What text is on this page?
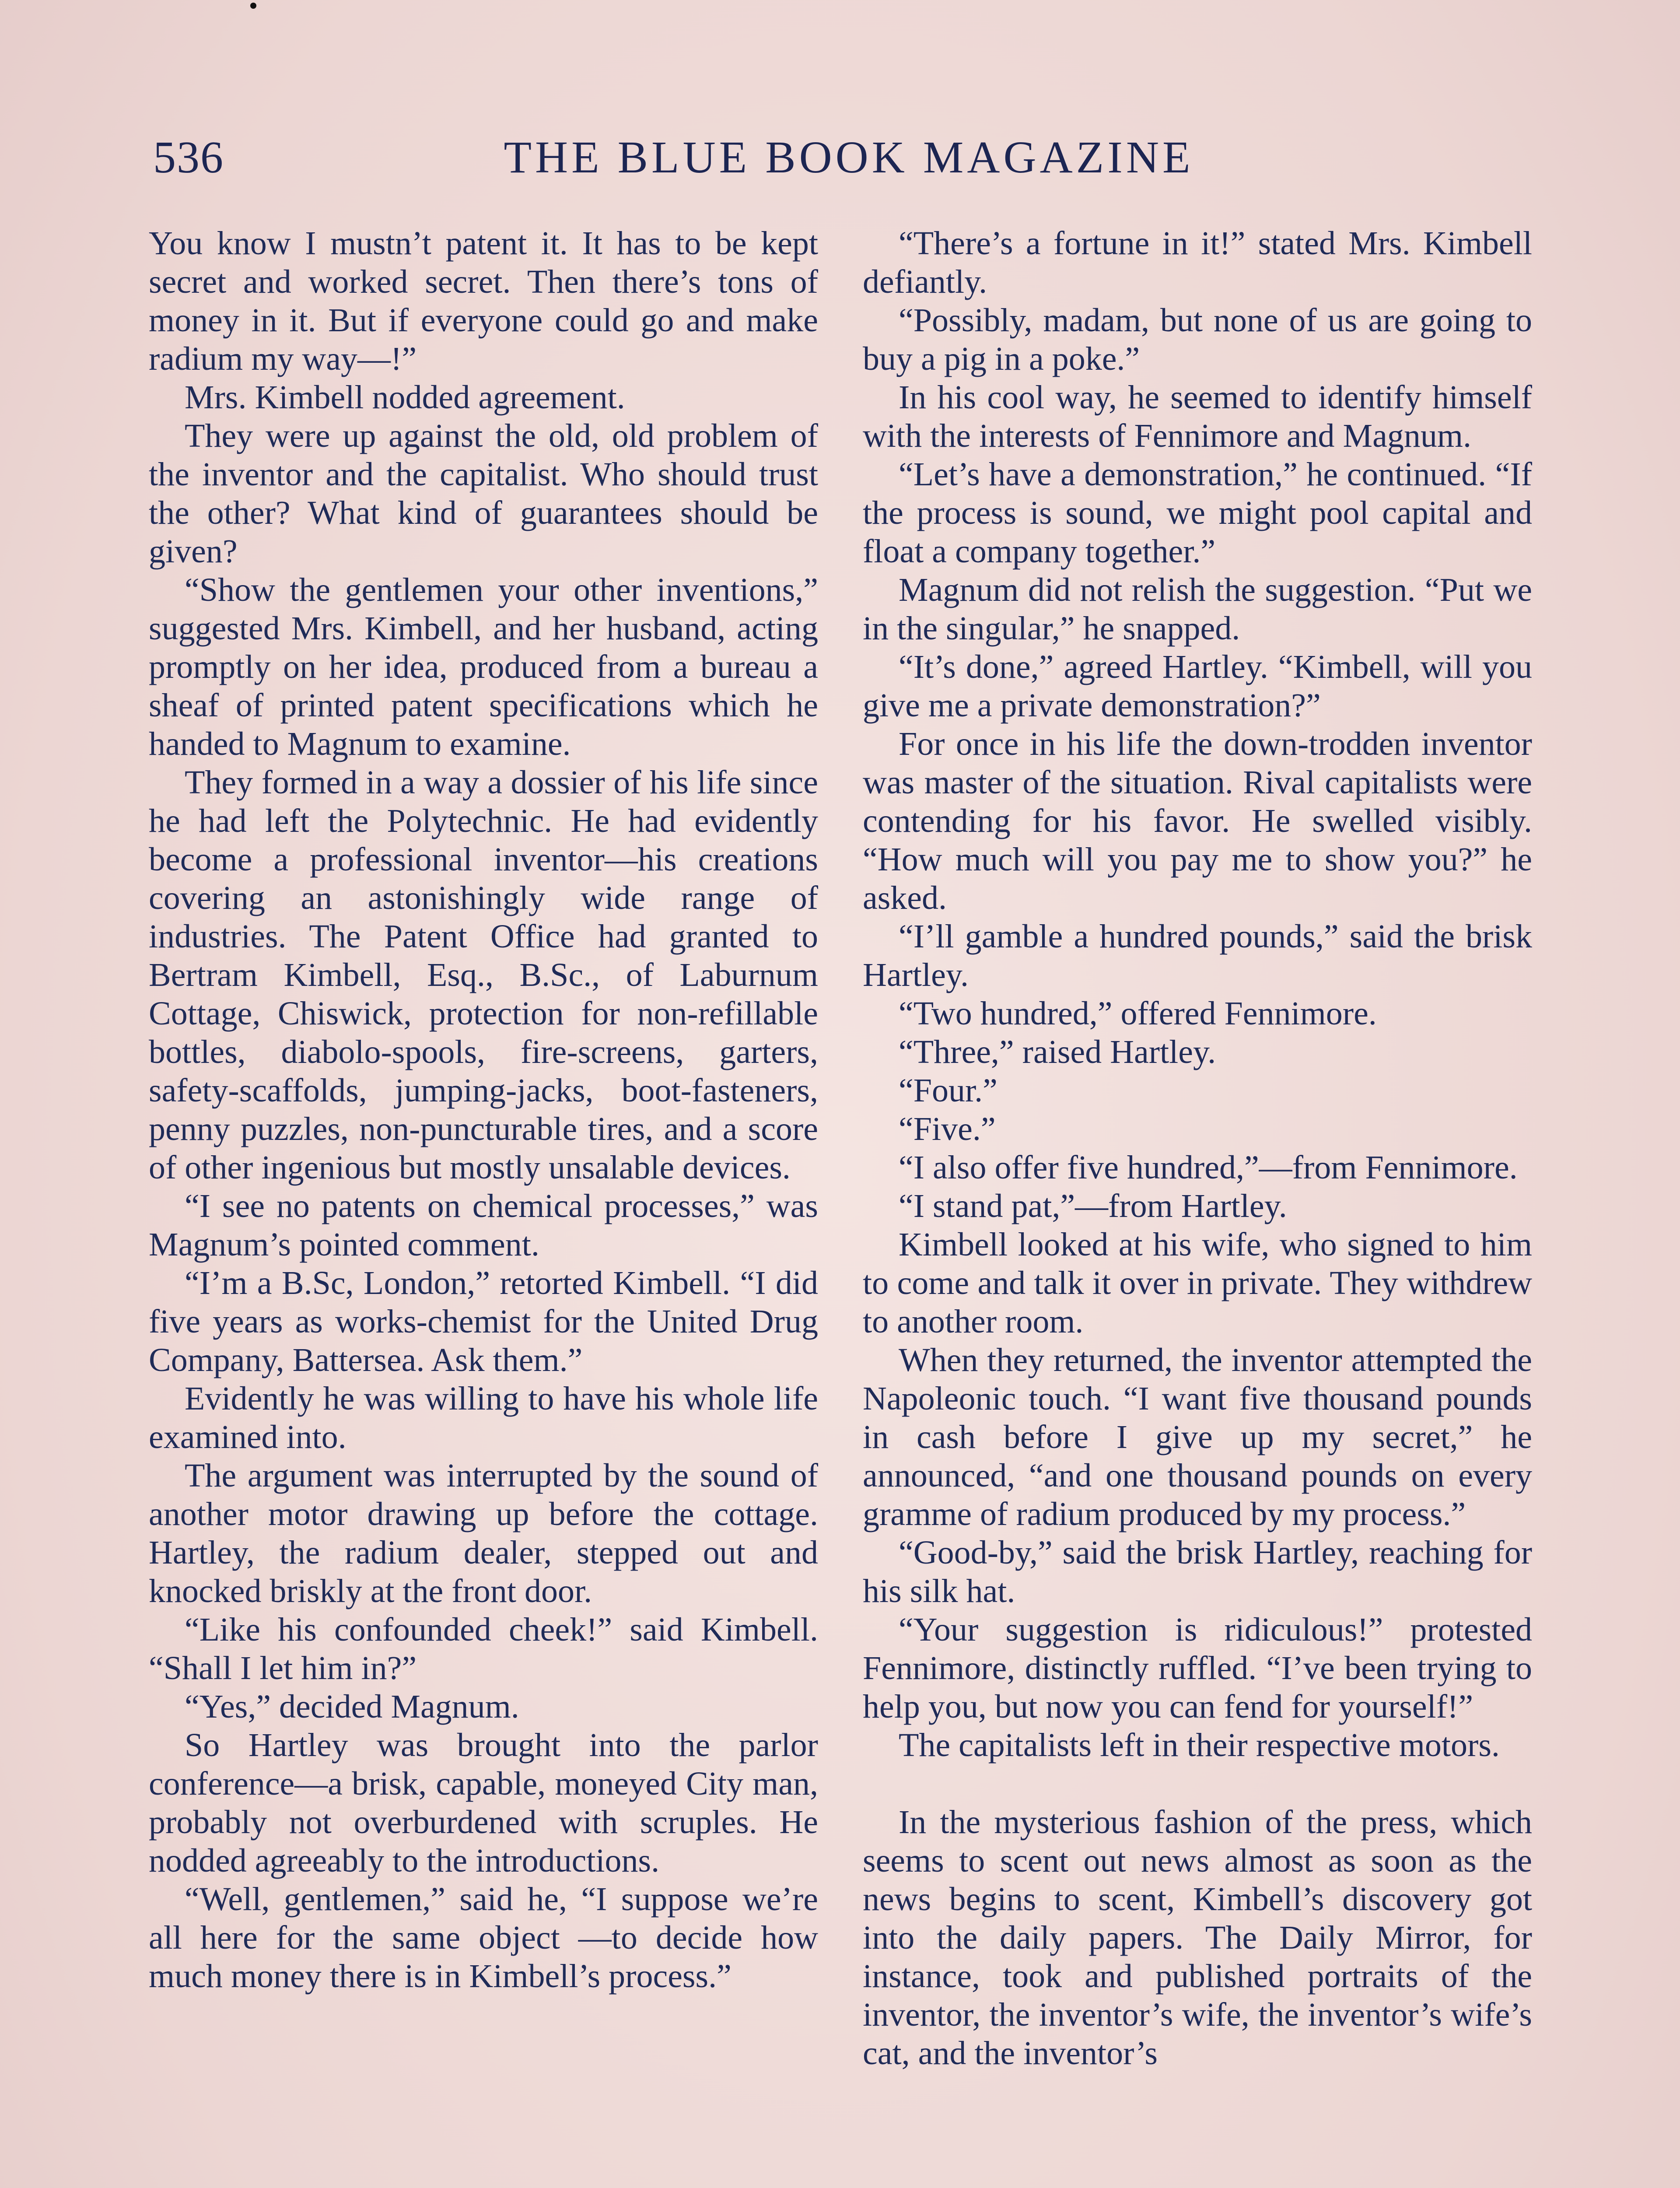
536	THE BLUE BOOK MAGAZINE

You know I mustn’t patent it. It has to be kept secret and worked secret. Then there’s tons of money in it. But if everyone could go and make radium my way—!”

Mrs. Kimbell nodded agreement.

They were up against the old, old problem of the inventor and the capitalist. Who should trust the other? What kind of guarantees should be given?

“Show the gentlemen your other inventions,” suggested Mrs. Kimbell, and her husband, acting promptly on her idea, produced from a bureau a sheaf of printed patent specifications which he handed to Magnum to examine.

They formed in a way a dossier of his life since he had left the Polytechnic. He had evidently become a professional inventor—his creations covering an astonishingly wide range of industries. The Patent Office had granted to Bertram Kimbell, Esq., B.Sc., of Laburnum Cottage, Chiswick, protection for non-refillable bottles, diabolo-spools, fire-screens, garters, safety-scaffolds, jumping-jacks, boot-fasteners, penny puzzles, non-puncturable tires, and a score of other ingenious but mostly unsalable devices.

“I see no patents on chemical processes,” was Magnum’s pointed comment.

“I’m a B.Sc, London,” retorted Kimbell. “I did five years as works-chemist for the United Drug Company, Battersea. Ask them.”

Evidently he was willing to have his whole life examined into.

The argument was interrupted by the sound of another motor drawing up before the cottage. Hartley, the radium dealer, stepped out and knocked briskly at the front door.

“Like his confounded cheek!” said Kimbell. “Shall I let him in?”

“Yes,” decided Magnum.

So Hartley was brought into the parlor conference—a brisk, capable, moneyed City man, probably not overburdened with scruples. He nodded agreeably to the introductions.

“Well, gentlemen,” said he, “I suppose we’re all here for the same object —to decide how much money there is in Kimbell’s process.”

“There’s a fortune in it!” stated Mrs. Kimbell defiantly.

“Possibly, madam, but none of us are going to buy a pig in a poke.”

In his cool way, he seemed to identify himself with the interests of Fennimore and Magnum.

“Let’s have a demonstration,” he continued. “If the process is sound, we might pool capital and float a company together.”

Magnum did not relish the suggestion. “Put we in the singular,” he snapped.

“It’s done,” agreed Hartley. “Kimbell, will you give me a private demonstration?”

For once in his life the down-trodden inventor was master of the situation. Rival capitalists were contending for his favor. He swelled visibly. “How much will you pay me to show you?” he asked.

“I’ll gamble a hundred pounds,” said the brisk Hartley.

“Two hundred,” offered Fennimore.

“Three,” raised Hartley.

“Four.”

“Five.”

“I also offer five hundred,”—from Fennimore.

“I stand pat,”—from Hartley.

Kimbell looked at his wife, who signed to him to come and talk it over in private. They withdrew to another room.

When they returned, the inventor attempted the Napoleonic touch. “I want five thousand pounds in cash before I give up my secret,” he announced, “and one thousand pounds on every gramme of radium produced by my process.”

“Good-by,” said the brisk Hartley, reaching for his silk hat.

“Your suggestion is ridiculous!” protested Fennimore, distinctly ruffled. “I’ve been trying to help you, but now you can fend for yourself!”

The capitalists left in their respective motors.

In the mysterious fashion of the press, which seems to scent out news almost as soon as the news begins to scent, Kimbell’s discovery got into the daily papers. The Daily Mirror, for instance, took and published portraits of the inventor, the inventor’s wife, the inventor’s wife’s cat, and the inventor’s
